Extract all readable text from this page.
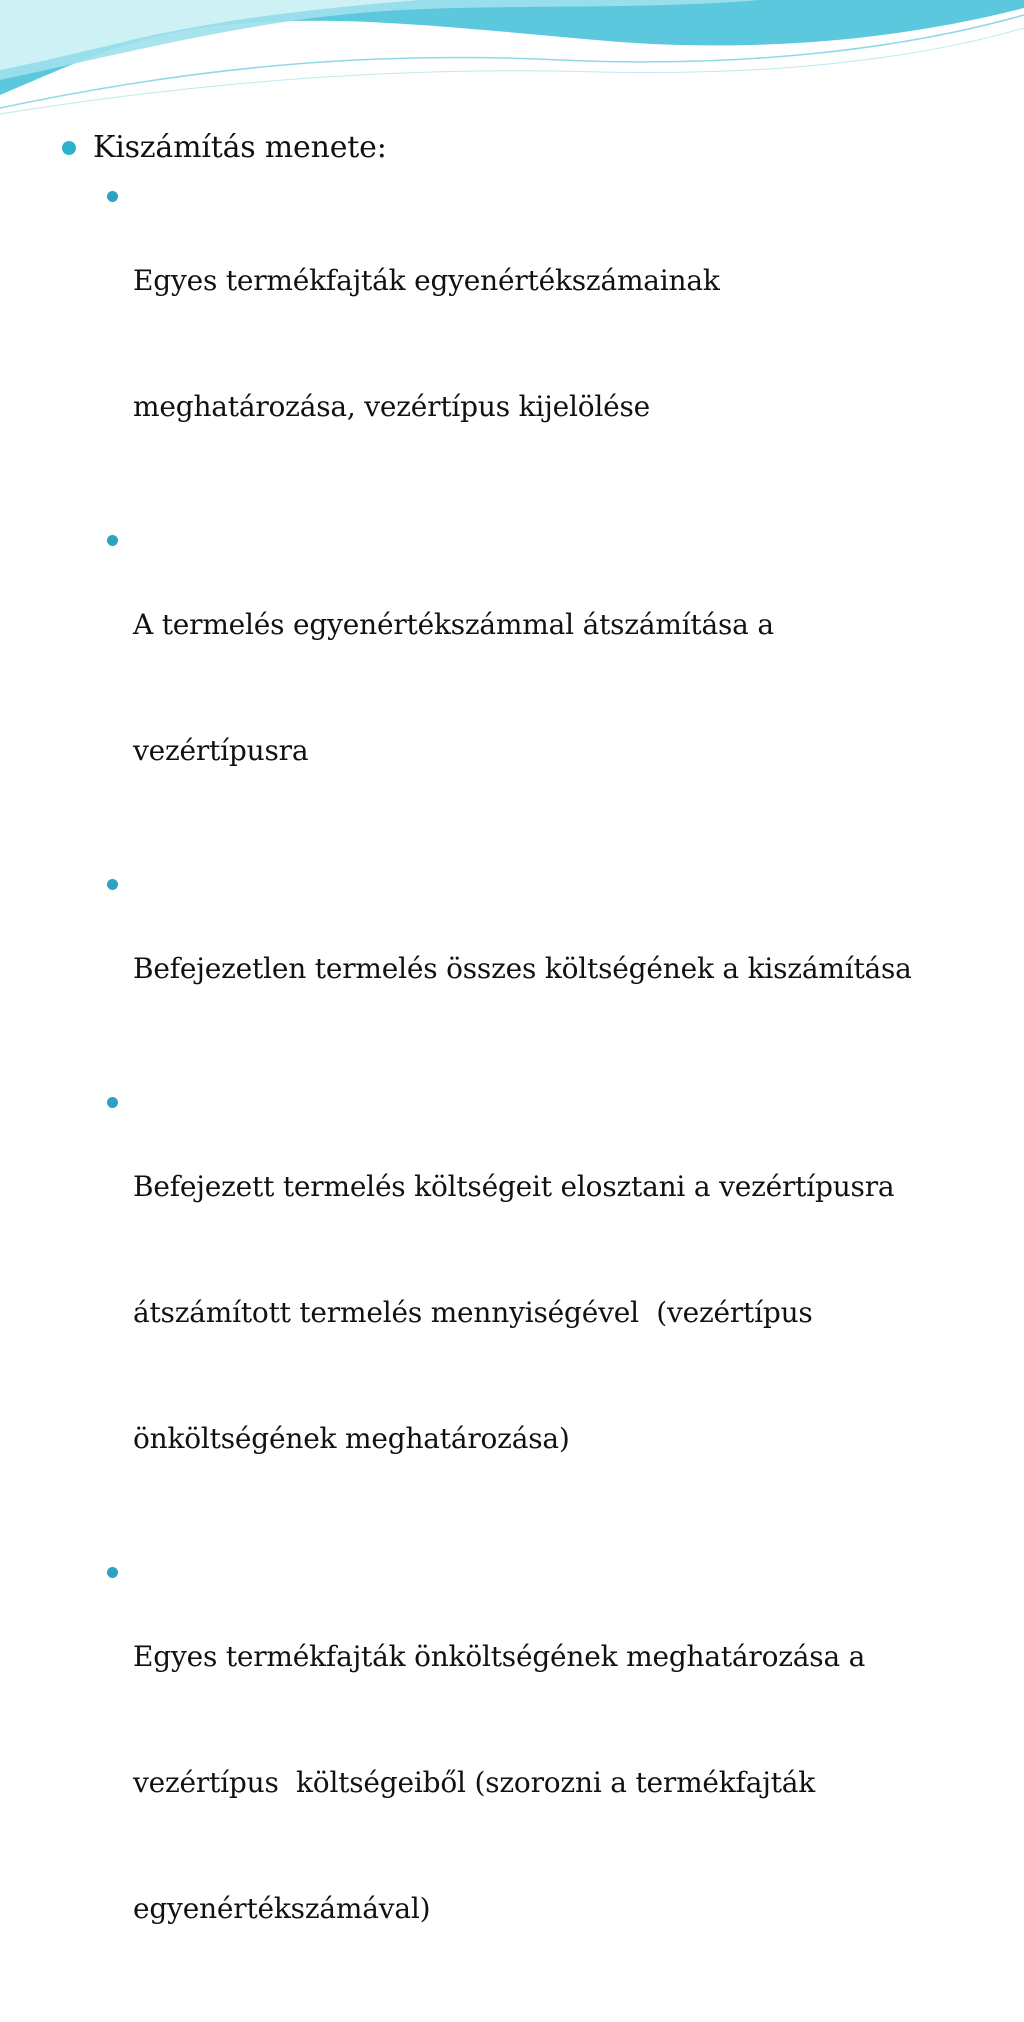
Kiszámítás menete:

Egyes termékfajták egyenértékszámainak

meghatározása, vezértípus kijelölése

A termelés egyenértékszámmal átszámítása a

vezértípusra

Befejezetlen termelés összes költségének a kiszámítása

Befejezett termelés költségeit elosztani a vezértípusra

átszámított termelés mennyiségével  (vezértípus

önköltségének meghatározása)

Egyes termékfajták önköltségének meghatározása a

vezértípus  költségeiből (szorozni a termékfajták

egyenértékszámával)
